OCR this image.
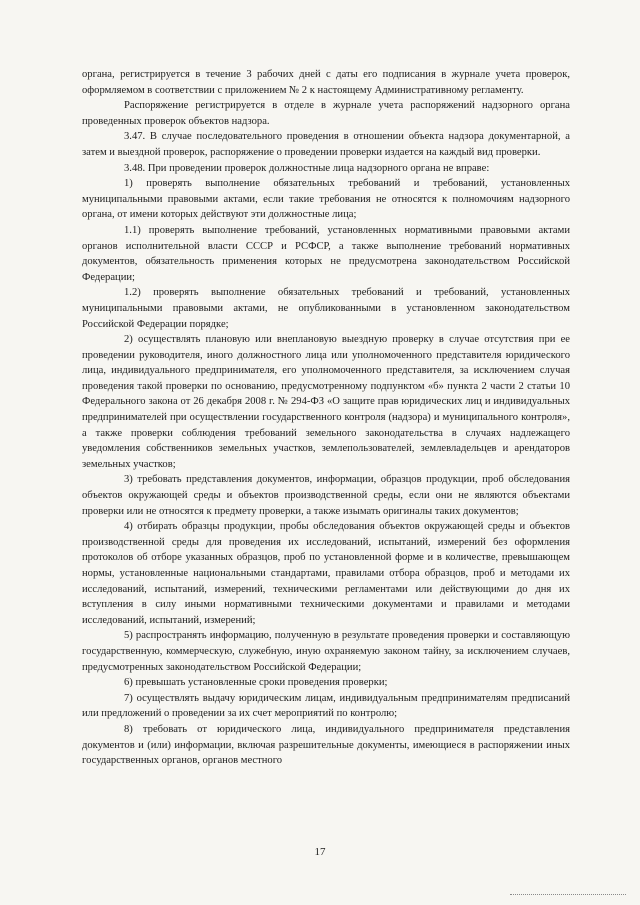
органа, регистрируется в течение 3 рабочих дней с даты его подписания в журнале учета проверок, оформляемом в соответствии с приложением № 2 к настоящему Административному регламенту.

Распоряжение регистрируется в отделе в журнале учета распоряжений надзорного органа проведенных проверок объектов надзора.

3.47. В случае последовательного проведения в отношении объекта надзора документарной, а затем и выездной проверок, распоряжение о проведении проверки издается на каждый вид проверки.

3.48. При проведении проверок должностные лица надзорного органа не вправе:

1) проверять выполнение обязательных требований и требований, установленных муниципальными правовыми актами, если такие требования не относятся к полномочиям надзорного органа, от имени которых действуют эти должностные лица;

1.1) проверять выполнение требований, установленных нормативными правовыми актами органов исполнительной власти СССР и РСФСР, а также выполнение требований нормативных документов, обязательность применения которых не предусмотрена законодательством Российской Федерации;

1.2) проверять выполнение обязательных требований и требований, установленных муниципальными правовыми актами, не опубликованными в установленном законодательством Российской Федерации порядке;

2) осуществлять плановую или внеплановую выездную проверку в случае отсутствия при ее проведении руководителя, иного должностного лица или уполномоченного представителя юридического лица, индивидуального предпринимателя, его уполномоченного представителя, за исключением случая проведения такой проверки по основанию, предусмотренному подпунктом «б» пункта 2 части 2 статьи 10 Федерального закона от 26 декабря 2008 г. № 294-ФЗ «О защите прав юридических лиц и индивидуальных предпринимателей при осуществлении государственного контроля (надзора) и муниципального контроля», а также проверки соблюдения требований земельного законодательства в случаях надлежащего уведомления собственников земельных участков, землепользователей, землевладельцев и арендаторов земельных участков;

3) требовать представления документов, информации, образцов продукции, проб обследования объектов окружающей среды и объектов производственной среды, если они не являются объектами проверки или не относятся к предмету проверки, а также изымать оригиналы таких документов;

4) отбирать образцы продукции, пробы обследования объектов окружающей среды и объектов производственной среды для проведения их исследований, испытаний, измерений без оформления протоколов об отборе указанных образцов, проб по установленной форме и в количестве, превышающем нормы, установленные национальными стандартами, правилами отбора образцов, проб и методами их исследований, испытаний, измерений, техническими регламентами или действующими до дня их вступления в силу иными нормативными техническими документами и правилами и методами исследований, испытаний, измерений;

5) распространять информацию, полученную в результате проведения проверки и составляющую государственную, коммерческую, служебную, иную охраняемую законом тайну, за исключением случаев, предусмотренных законодательством Российской Федерации;

6) превышать установленные сроки проведения проверки;

7) осуществлять выдачу юридическим лицам, индивидуальным предпринимателям предписаний или предложений о проведении за их счет мероприятий по контролю;

8) требовать от юридического лица, индивидуального предпринимателя представления документов и (или) информации, включая разрешительные документы, имеющиеся в распоряжении иных государственных органов, органов местного

17
